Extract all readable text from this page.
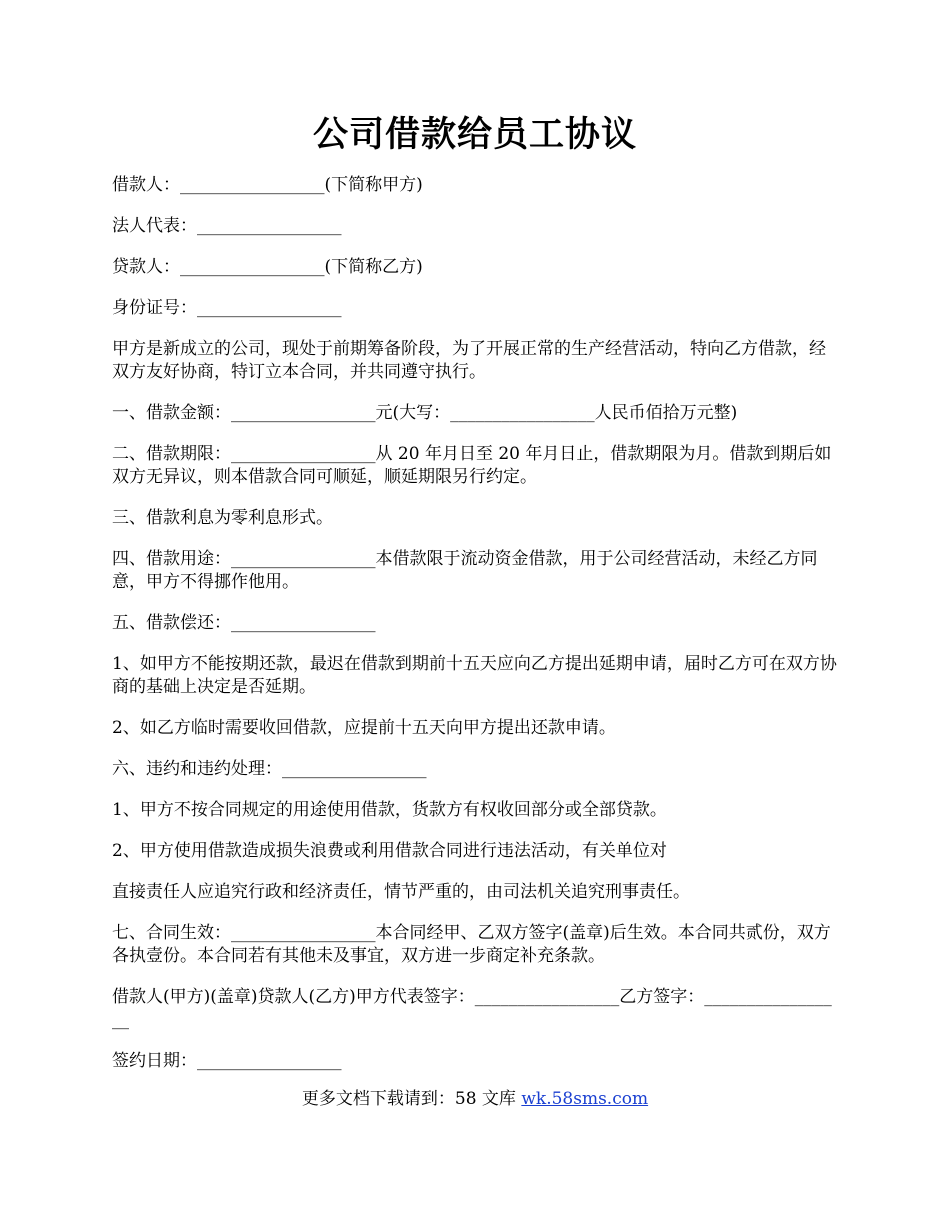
公司借款给员工协议

借款人：_________________(下简称甲方)

法人代表：_________________

贷款人：_________________(下简称乙方)

身份证号：_________________

甲方是新成立的公司，现处于前期筹备阶段，为了开展正常的生产经营活动，特向乙方借款，经双方友好协商，特订立本合同，并共同遵守执行。

一、借款金额：_________________元(大写：_________________人民币佰拾万元整)

二、借款期限：_________________从 20 年月日至 20 年月日止，借款期限为月。借款到期后如双方无异议，则本借款合同可顺延，顺延期限另行约定。

三、借款利息为零利息形式。

四、借款用途：_________________本借款限于流动资金借款，用于公司经营活动，未经乙方同意，甲方不得挪作他用。

五、借款偿还：_________________

1、如甲方不能按期还款，最迟在借款到期前十五天应向乙方提出延期申请，届时乙方可在双方协商的基础上决定是否延期。

2、如乙方临时需要收回借款，应提前十五天向甲方提出还款申请。

六、违约和违约处理：_________________

1、甲方不按合同规定的用途使用借款，货款方有权收回部分或全部贷款。

2、甲方使用借款造成损失浪费或利用借款合同进行违法活动，有关单位对

直接责任人应追究行政和经济责任，情节严重的，由司法机关追究刑事责任。

七、合同生效：_________________本合同经甲、乙双方签字(盖章)后生效。本合同共贰份，双方各执壹份。本合同若有其他未及事宜，双方进一步商定补充条款。

借款人(甲方)(盖章)贷款人(乙方)甲方代表签字：_________________乙方签字：_________________

签约日期：_________________

更多文档下载请到：58 文库 wk.58sms.com
